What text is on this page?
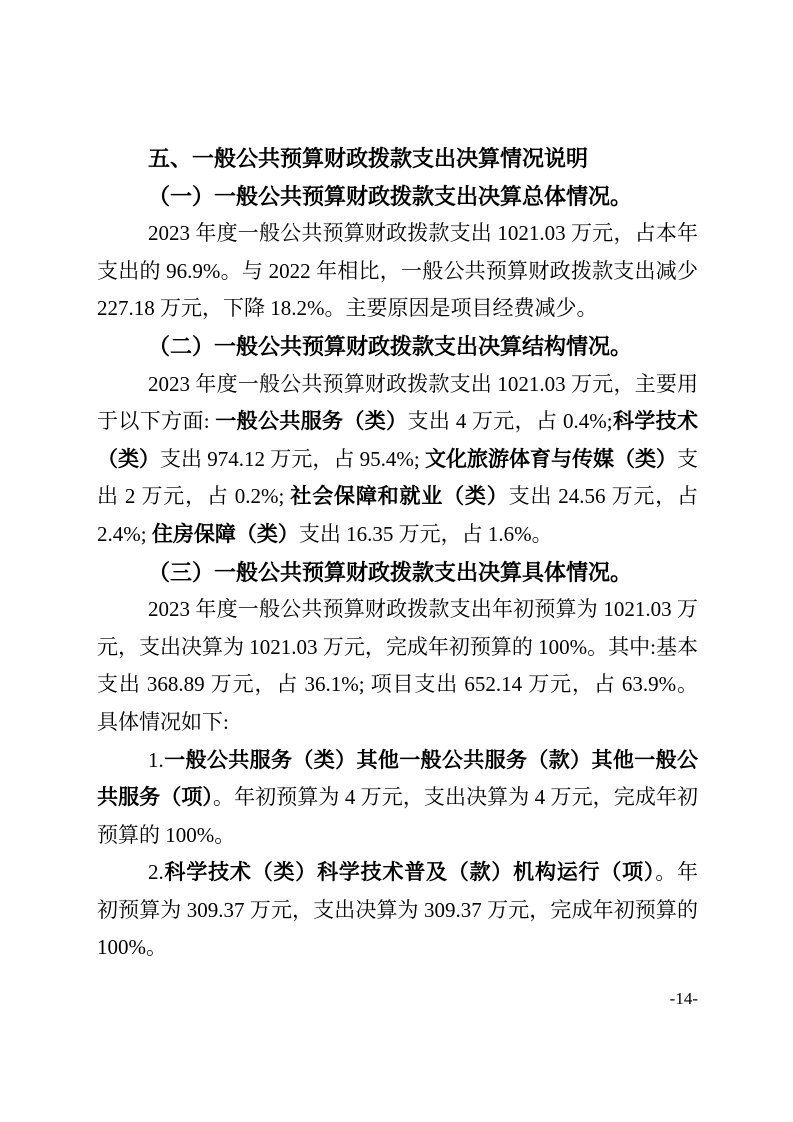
五、一般公共预算财政拨款支出决算情况说明

（一）一般公共预算财政拨款支出决算总体情况。

2023 年度一般公共预算财政拨款支出 1021.03 万元，占本年支出的 96.9%。与 2022 年相比，一般公共预算财政拨款支出减少 227.18 万元，下降 18.2%。主要原因是项目经费减少。

（二）一般公共预算财政拨款支出决算结构情况。

2023 年度一般公共预算财政拨款支出 1021.03 万元，主要用于以下方面: 一般公共服务（类）支出 4 万元，占 0.4%;科学技术（类）支出 974.12 万元，占 95.4%; 文化旅游体育与传媒（类）支出 2 万元，占 0.2%; 社会保障和就业（类）支出 24.56 万元，占 2.4%; 住房保障（类）支出 16.35 万元，占 1.6%。

（三）一般公共预算财政拨款支出决算具体情况。

2023 年度一般公共预算财政拨款支出年初预算为 1021.03 万元，支出决算为 1021.03 万元，完成年初预算的 100%。其中:基本支出 368.89 万元，占 36.1%; 项目支出 652.14 万元，占 63.9%。具体情况如下:

1.一般公共服务（类）其他一般公共服务（款）其他一般公共服务（项）。年初预算为 4 万元，支出决算为 4 万元，完成年初预算的 100%。

2.科学技术（类）科学技术普及（款）机构运行（项）。年初预算为 309.37 万元，支出决算为 309.37 万元，完成年初预算的 100%。

-14-
